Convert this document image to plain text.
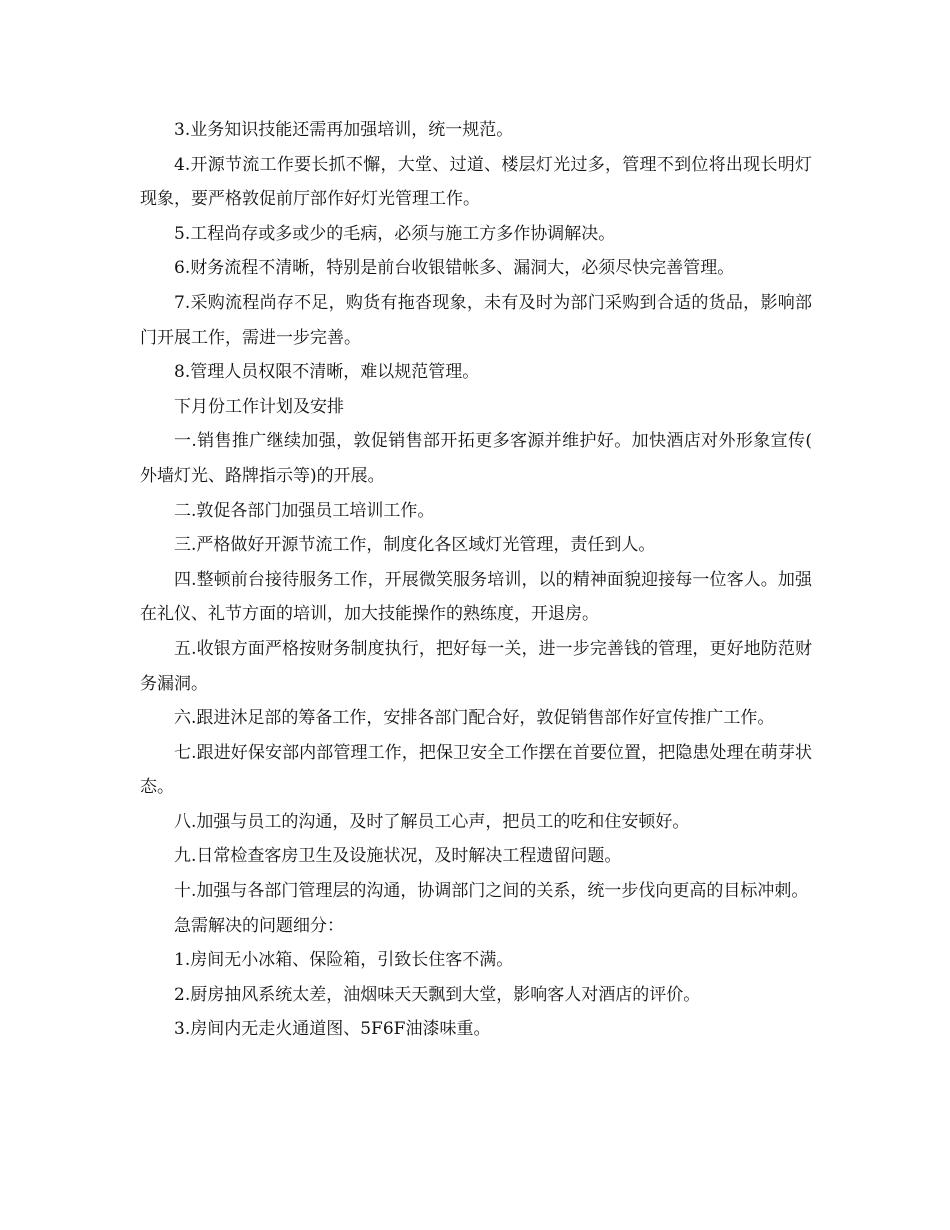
3.业务知识技能还需再加强培训，统一规范。

4.开源节流工作要长抓不懈，大堂、过道、楼层灯光过多，管理不到位将出现长明灯现象，要严格敦促前厅部作好灯光管理工作。

5.工程尚存或多或少的毛病，必须与施工方多作协调解决。

6.财务流程不清晰，特别是前台收银错帐多、漏洞大，必须尽快完善管理。

7.采购流程尚存不足，购货有拖沓现象，未有及时为部门采购到合适的货品，影响部门开展工作，需进一步完善。

8.管理人员权限不清晰，难以规范管理。

下月份工作计划及安排

一.销售推广继续加强，敦促销售部开拓更多客源并维护好。加快酒店对外形象宣传(外墙灯光、路牌指示等)的开展。

二.敦促各部门加强员工培训工作。

三.严格做好开源节流工作，制度化各区域灯光管理，责任到人。

四.整顿前台接待服务工作，开展微笑服务培训，以的精神面貌迎接每一位客人。加强在礼仪、礼节方面的培训，加大技能操作的熟练度，开退房。

五.收银方面严格按财务制度执行，把好每一关，进一步完善钱的管理，更好地防范财务漏洞。

六.跟进沐足部的筹备工作，安排各部门配合好，敦促销售部作好宣传推广工作。

七.跟进好保安部内部管理工作，把保卫安全工作摆在首要位置，把隐患处理在萌芽状态。

八.加强与员工的沟通，及时了解员工心声，把员工的吃和住安顿好。

九.日常检查客房卫生及设施状况，及时解决工程遗留问题。

十.加强与各部门管理层的沟通，协调部门之间的关系，统一步伐向更高的目标冲刺。

急需解决的问题细分：

1.房间无小冰箱、保险箱，引致长住客不满。

2.厨房抽风系统太差，油烟味天天飘到大堂，影响客人对酒店的评价。

3.房间内无走火通道图、5F6F油漆味重。
